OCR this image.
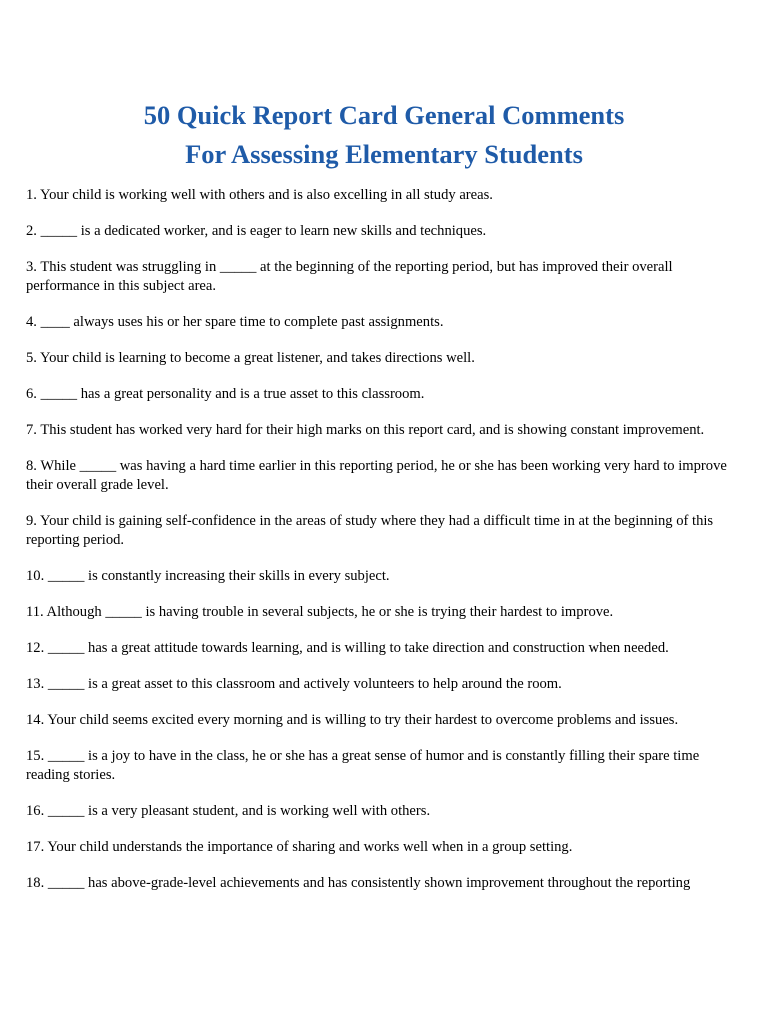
50 Quick Report Card General Comments

For Assessing Elementary Students

1. Your child is working well with others and is also excelling in all study areas.
2. _____ is a dedicated worker, and is eager to learn new skills and techniques.
3. This student was struggling in _____ at the beginning of the reporting period, but has improved their overall performance in this subject area.
4. ____ always uses his or her spare time to complete past assignments.
5. Your child is learning to become a great listener, and takes directions well.
6. _____ has a great personality and is a true asset to this classroom.
7. This student has worked very hard for their high marks on this report card, and is showing constant improvement.
8. While _____ was having a hard time earlier in this reporting period, he or she has been working very hard to improve their overall grade level.
9. Your child is gaining self-confidence in the areas of study where they had a difficult time in at the beginning of this reporting period.
10. _____ is constantly increasing their skills in every subject.
11. Although _____ is having trouble in several subjects, he or she is trying their hardest to improve.
12. _____ has a great attitude towards learning, and is willing to take direction and construction when needed.
13. _____ is a great asset to this classroom and actively volunteers to help around the room.
14. Your child seems excited every morning and is willing to try their hardest to overcome problems and issues.
15. _____ is a joy to have in the class, he or she has a great sense of humor and is constantly filling their spare time reading stories.
16. _____ is a very pleasant student, and is working well with others.
17. Your child understands the importance of sharing and works well when in a group setting.
18. _____ has above-grade-level achievements and has consistently shown improvement throughout the reporting
